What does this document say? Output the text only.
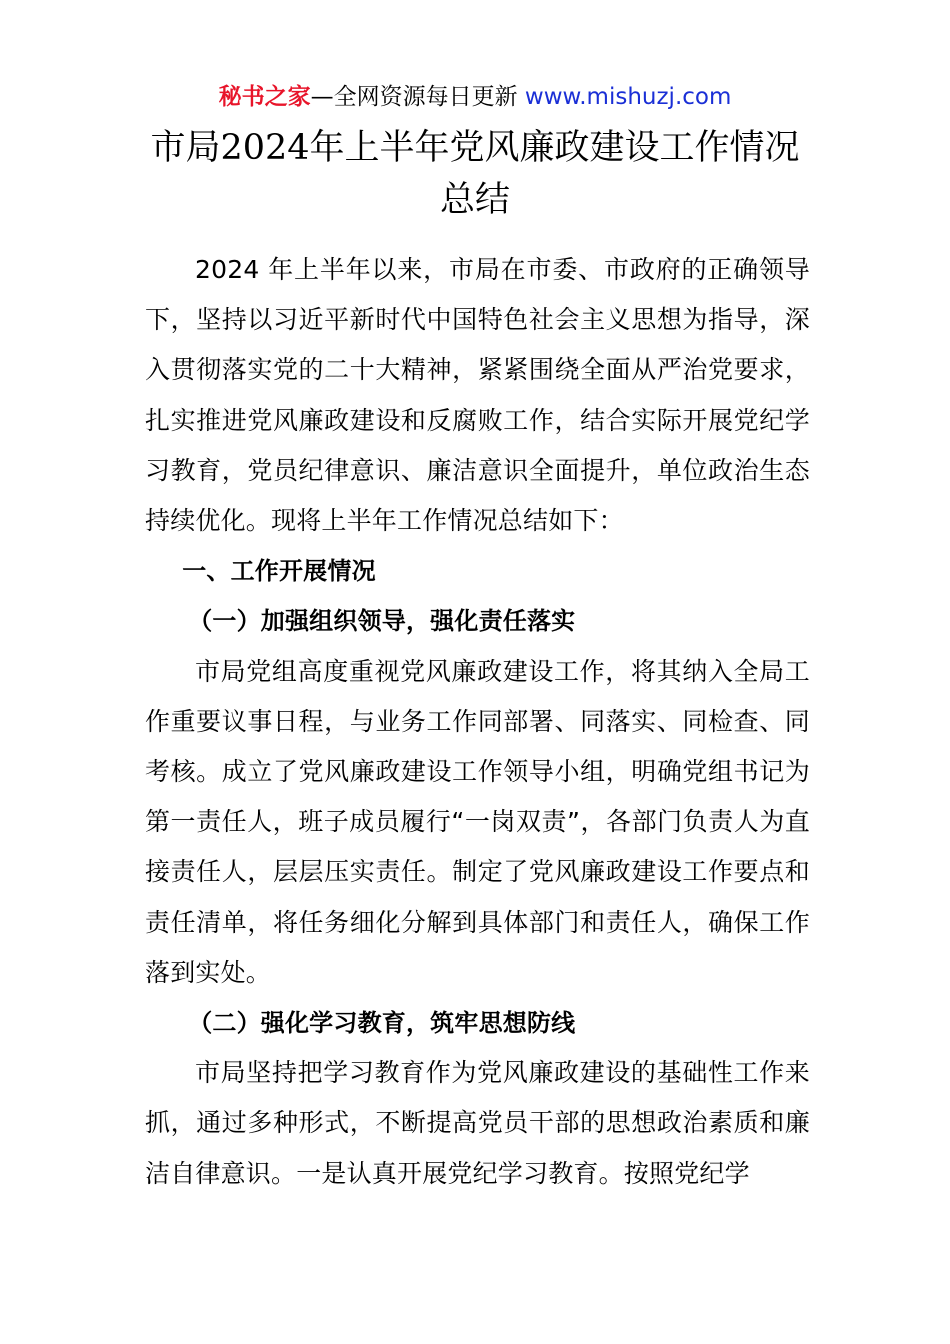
秘书之家—全网资源每日更新 www.mishuzj.com
市局2024年上半年党风廉政建设工作情况
总结

2024 年上半年以来，市局在市委、市政府的正确领导下，坚持以习近平新时代中国特色社会主义思想为指导，深入贯彻落实党的二十大精神，紧紧围绕全面从严治党要求，扎实推进党风廉政建设和反腐败工作，结合实际开展党纪学习教育，党员纪律意识、廉洁意识全面提升，单位政治生态持续优化。现将上半年工作情况总结如下：

一、工作开展情况
（一）加强组织领导，强化责任落实

市局党组高度重视党风廉政建设工作，将其纳入全局工作重要议事日程，与业务工作同部署、同落实、同检查、同考核。成立了党风廉政建设工作领导小组，明确党组书记为第一责任人，班子成员履行“一岗双责”，各部门负责人为直接责任人，层层压实责任。制定了党风廉政建设工作要点和责任清单，将任务细化分解到具体部门和责任人，确保工作落到实处。

（二）强化学习教育，筑牢思想防线

市局坚持把学习教育作为党风廉政建设的基础性工作来抓，通过多种形式，不断提高党员干部的思想政治素质和廉洁自律意识。一是认真开展党纪学习教育。按照党纪学
